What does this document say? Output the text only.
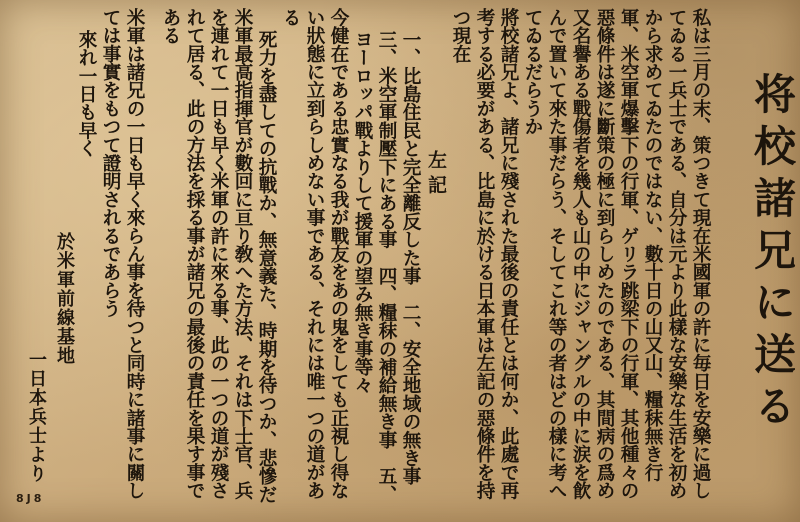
将校諸兄に送る
私は三月の末、策つきて現在米國軍の許に毎日を安樂に過し
てゐる一兵士である、自分は元より此樣な安樂な生活を初め
から求めてゐたのではない、數十日の山又山、糧秣無き行
軍、米空軍爆擊下の行軍、ゲリラ跳梁下の行軍、其他種々の
惡條件は遂に斷策の極に到らしめたのである、其間病の爲め
又名譽ある戰傷者を幾人も山の中にジャングルの中に涙を飮
んで置いて來た事だらう、そしてこれ等の者はどの樣に考へ
てゐるだらうか
將校諸兄よ、諸兄に殘された最後の責任とは何か、此處で再
考する必要がある、比島に於ける日本軍は左記の惡條件を持
つ現在
左記
一、比島住民と完全離反した事　二、安全地域の無き事
三、米空軍制壓下にある事　四、糧秣の補給無き事　五、
ヨーロッパ戰よりして援軍の望み無き事等々
今健在である忠實なる我が戰友をあの鬼をしても正視し得な
い狀態に立到らしめない事である、それには唯一つの道があ
る
死力を盡しての抗戰か、無意義た、時期を待つか、悲慘だ
米軍最高指揮官が數回に亘り敎へた方法、それは下士官、兵
を連れて一日も早く米軍の許に來る事、此の一つの道が殘さ
れて居る、此の方法を採る事が諸兄の最後の責任を果す事で
ある
米軍は諸兄の一日も早く來らん事を待つと同時に諸事に關し
ては事實をもつて證明されるであらう
來れ一日も早く
於米軍前線基地
一日本兵士より
8J8
